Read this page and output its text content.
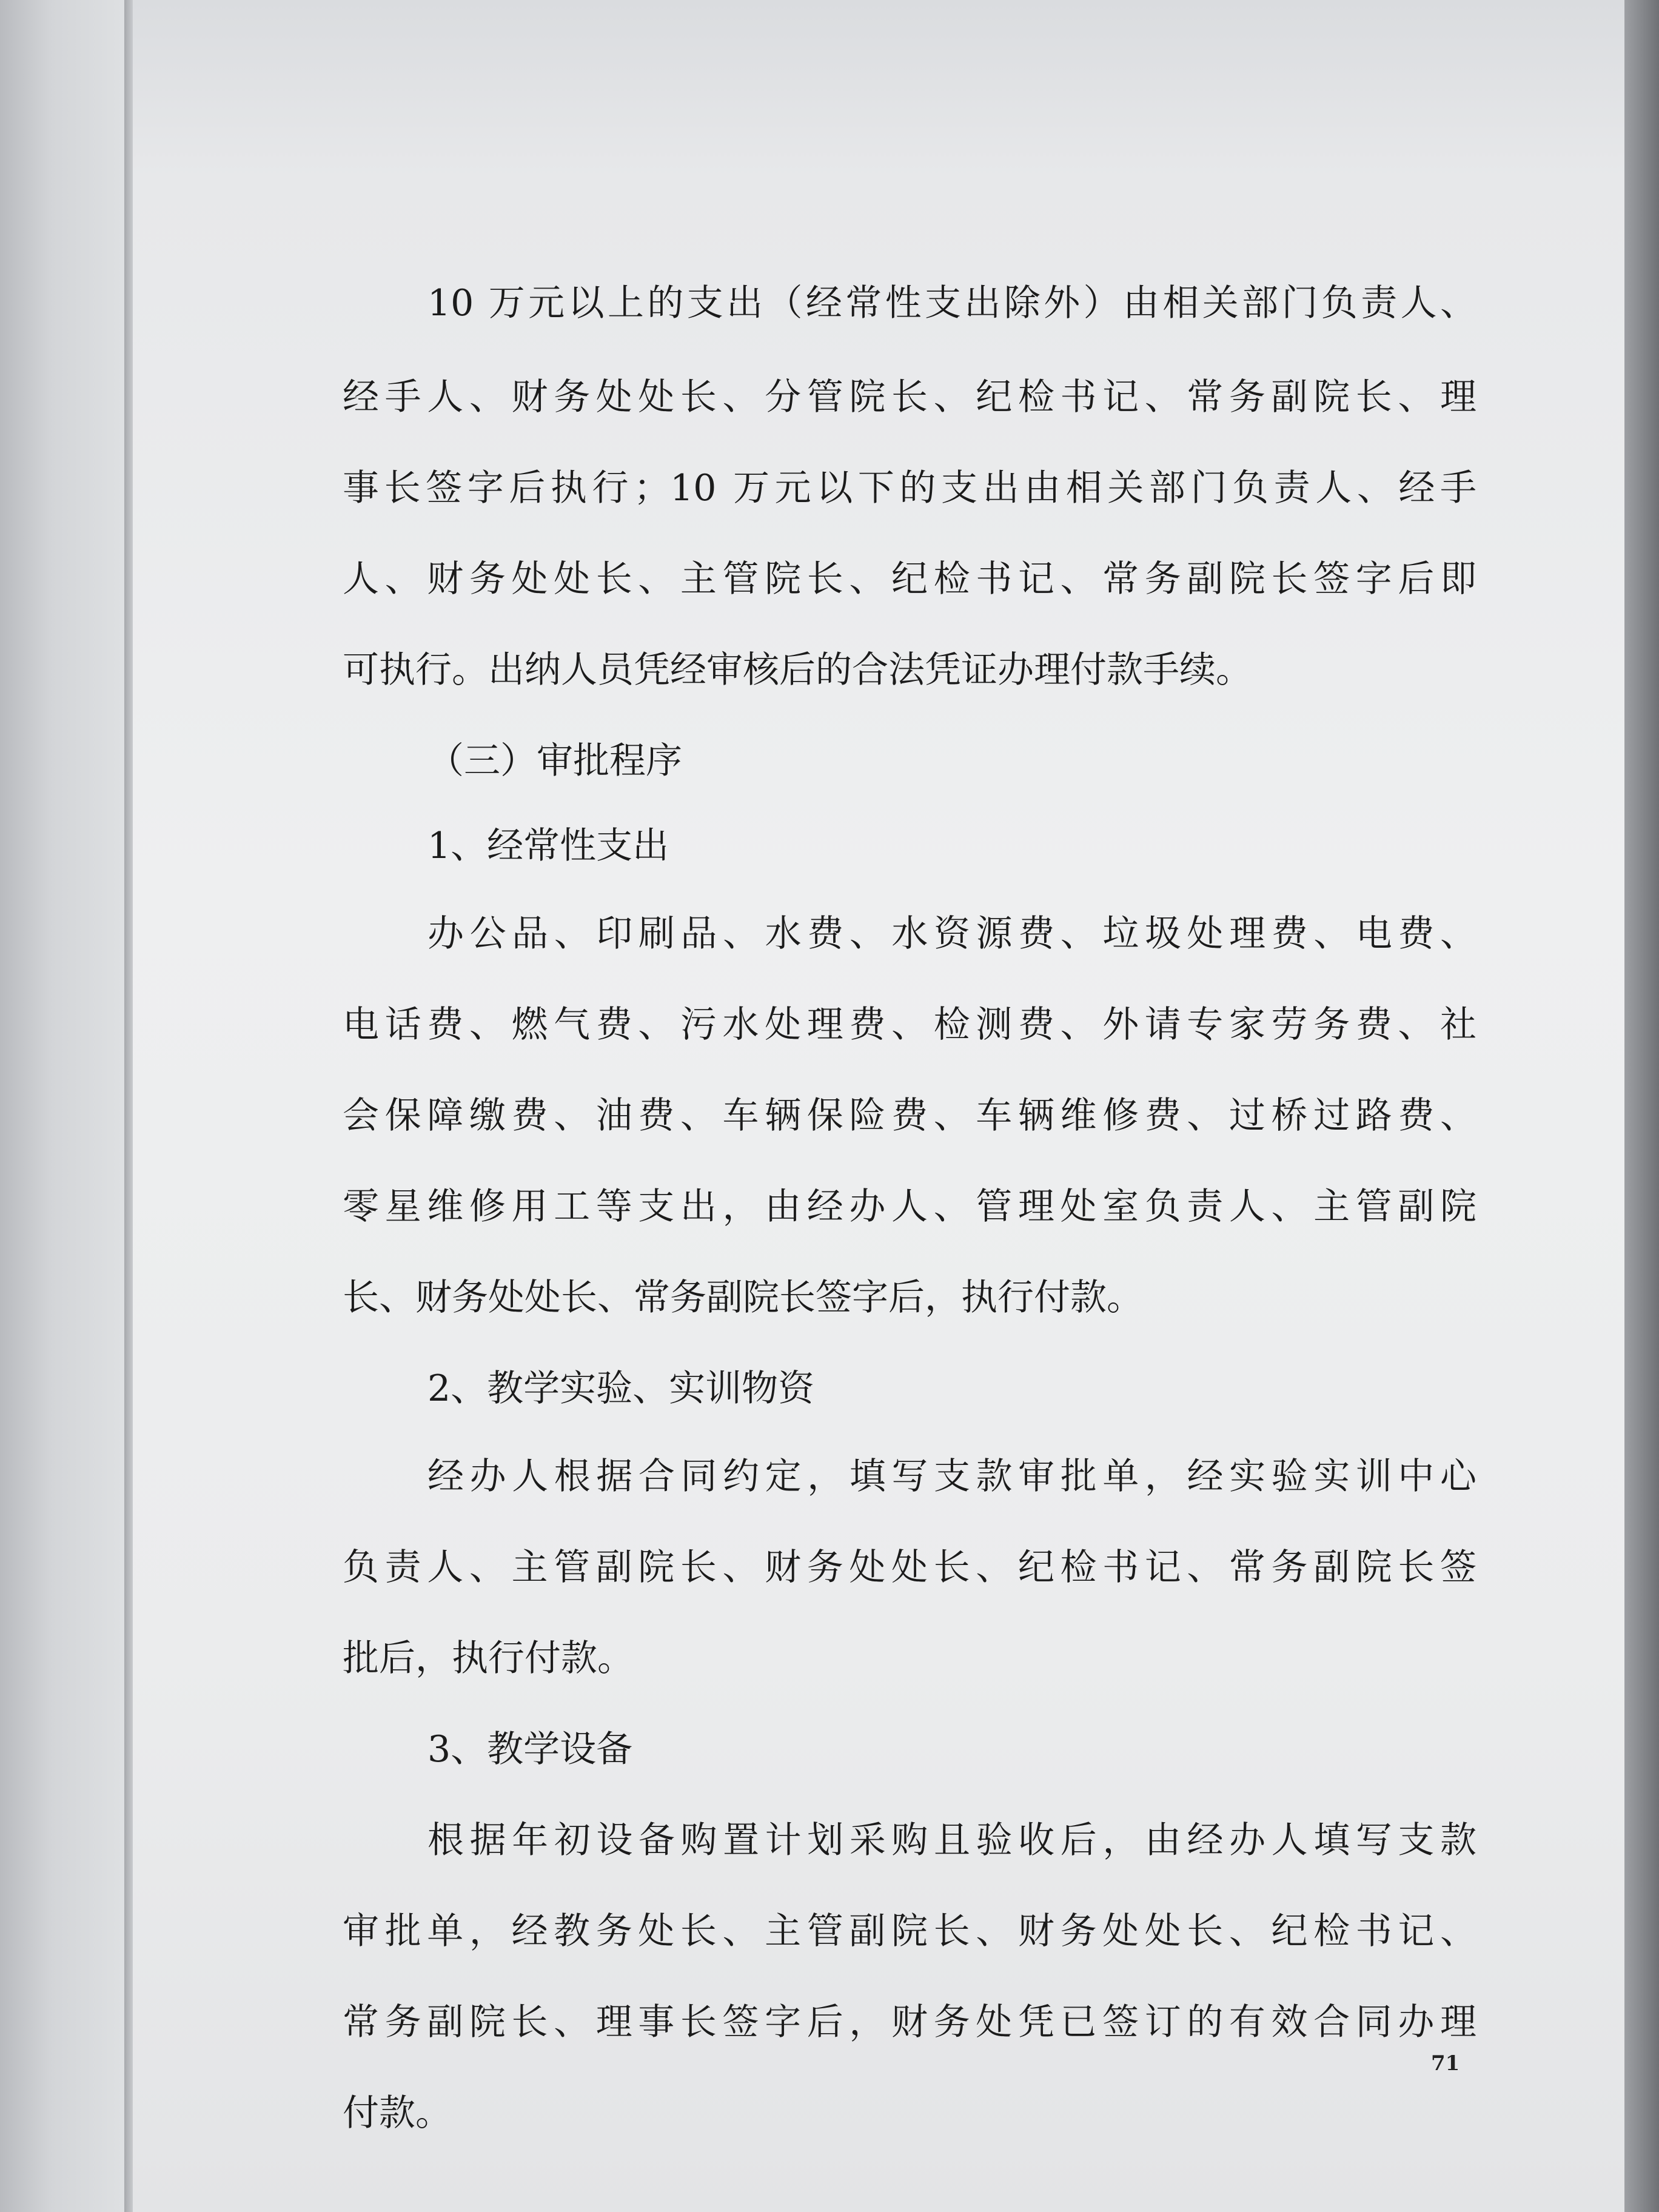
10 万元以上的支出（经常性支出除外）由相关部门负责人、
经手人、财务处处长、分管院长、纪检书记、常务副院长、理
事长签字后执行；10 万元以下的支出由相关部门负责人、经手
人、财务处处长、主管院长、纪检书记、常务副院长签字后即
可执行。出纳人员凭经审核后的合法凭证办理付款手续。
（三）审批程序
1、经常性支出
办公品、印刷品、水费、水资源费、垃圾处理费、电费、
电话费、燃气费、污水处理费、检测费、外请专家劳务费、社
会保障缴费、油费、车辆保险费、车辆维修费、过桥过路费、
零星维修用工等支出，由经办人、管理处室负责人、主管副院
长、财务处处长、常务副院长签字后，执行付款。
2、教学实验、实训物资
经办人根据合同约定，填写支款审批单，经实验实训中心
负责人、主管副院长、财务处处长、纪检书记、常务副院长签
批后，执行付款。
3、教学设备
根据年初设备购置计划采购且验收后，由经办人填写支款
审批单，经教务处长、主管副院长、财务处处长、纪检书记、
常务副院长、理事长签字后，财务处凭已签订的有效合同办理
付款。
71
